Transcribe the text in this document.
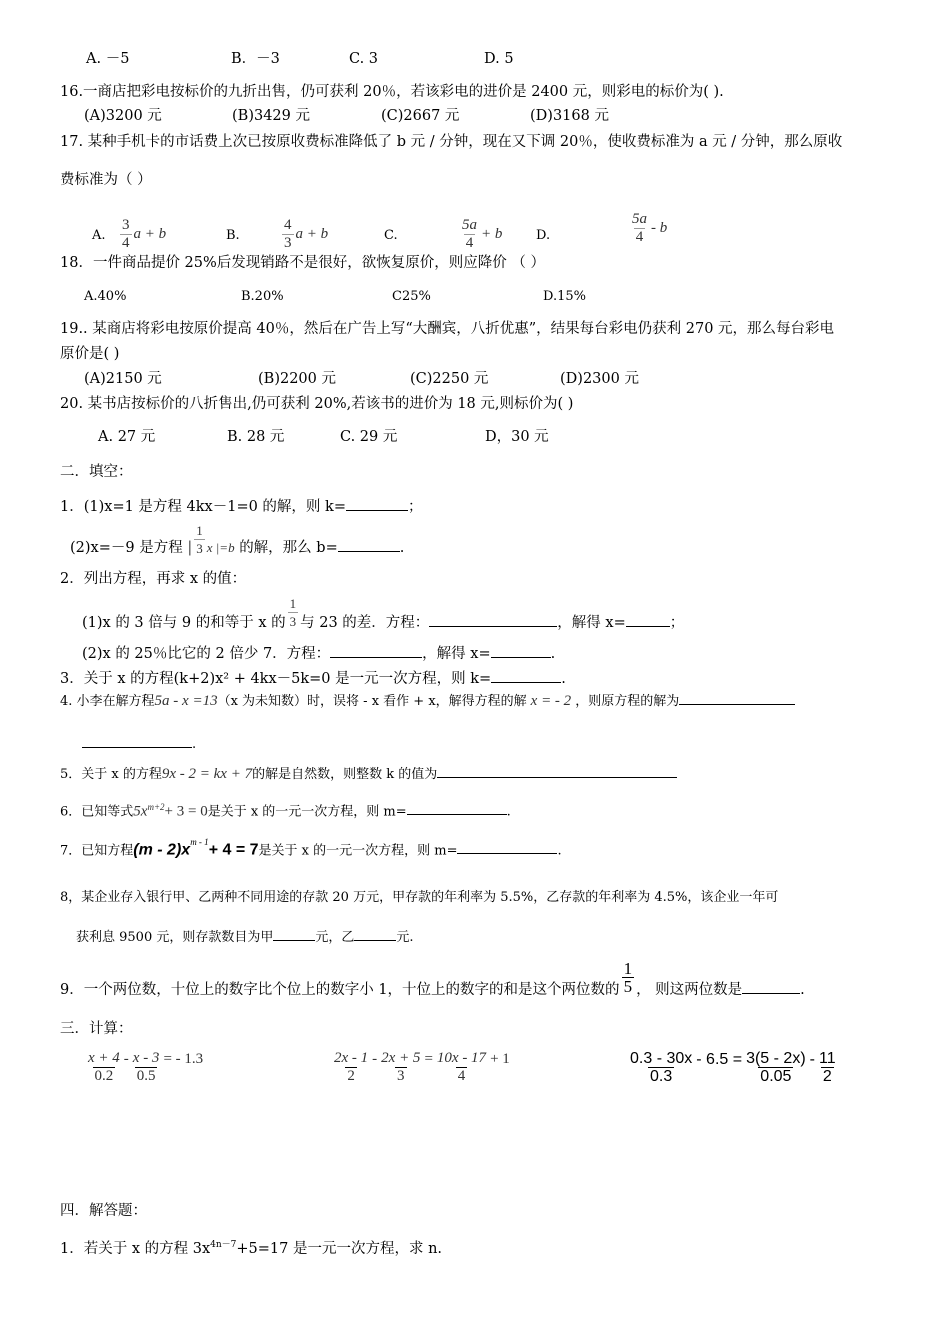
A. －5	B．－3	C. 3	D. 5
16.一商店把彩电按标价的九折出售，仍可获利 20％，若该彩电的进价是 2400 元，则彩电的标价为( ).
(A)3200 元	(B)3429 元	(C)2667 元	(D)3168 元
17. 某种手机卡的市话费上次已按原收费标准降低了 b 元 / 分钟，现在又下调 20％，使收费标准为 a 元 / 分钟，那么原收
费标准为（ ）
A. $\frac{3}{4}$ a + b	B.	$\frac{4}{3}$ a + b	C.	$\frac{5a}{4} + b$	D.	$\frac{5a}{4}$ - b
18．一件商品提价 25%后发现销路不是很好，欲恢复原价，则应降价 （ ）
A.40%	B.20%	C25%	D.15%
19.. 某商店将彩电按原价提高 40％，然后在广告上写“大酬宾，八折优惠”，结果每台彩电仍获利 270 元，那么每台彩电
原价是( )
(A)2150 元	(B)2200 元	(C)2250 元	(D)2300 元
20. 某书店按标价的八折售出,仍可获利 20%,若该书的进价为 18 元,则标价为( )
A. 27 元	B. 28 元	C. 29 元	D，30 元
二．填空：
1．(1)x=1 是方程 4kx－1=0 的解，则 k=	；
(2)x=－9 是方程 | $\frac{1}{3}$ x |=b 的解，那么 b=	.
2．列出方程，再求 x 的值：
(1)x 的 3 倍与 9 的和等于 x 的 $\frac{1}{3}$ 与 23 的差．方程：	，解得 x=	；
(2)x 的 25％比它的 2 倍少 7．方程：	，解得 x=	.
3．关于 x 的方程(k+2)x² + 4kx－5k=0 是一元一次方程，则 k=	.
4. 小李在解方程5a - x =13（x 为未知数）时，误将 - x 看作 + x，解得方程的解 x = - 2 ，则原方程的解为
.
5．关于 x 的方程9x - 2 = kx + 7的解是自然数，则整数 k 的值为
6．已知等式$5x^{m+2}+ 3 = 0$是关于 x 的一元一次方程，则 m=	.
7．已知方程$(m - 2)x^{m - 1}+ 4 = 7$是关于 x 的一元一次方程，则 m=	.
8，某企业存入银行甲、乙两种不同用途的存款 20 万元，甲存款的年利率为 5.5%，乙存款的年利率为 4.5%，该企业一年可
获利息 9500 元，则存款数目为甲	元，乙	元.
9．一个两位数，十位上的数字比个位上的数字小 1，十位上的数字的和是这个两位数的 $\frac{1}{5}$ ， 则这两位数是	.
三．计算：
$\frac{x + 4}{0.2} - \frac{x - 3}{0.5}$ = - 1.3	$\frac{2x - 1}{2} - \frac{2x + 5}{3} = \frac{10x - 17}{4} + 1$	$\frac{0.3 - 30x}{0.3} - 6.5 = \frac{3(5 - 2x)}{0.05} - \frac{11}{2}$
四．解答题：
1．若关于 x 的方程 $3x^{4n-7}+5=17$ 是一元一次方程，求 n.
